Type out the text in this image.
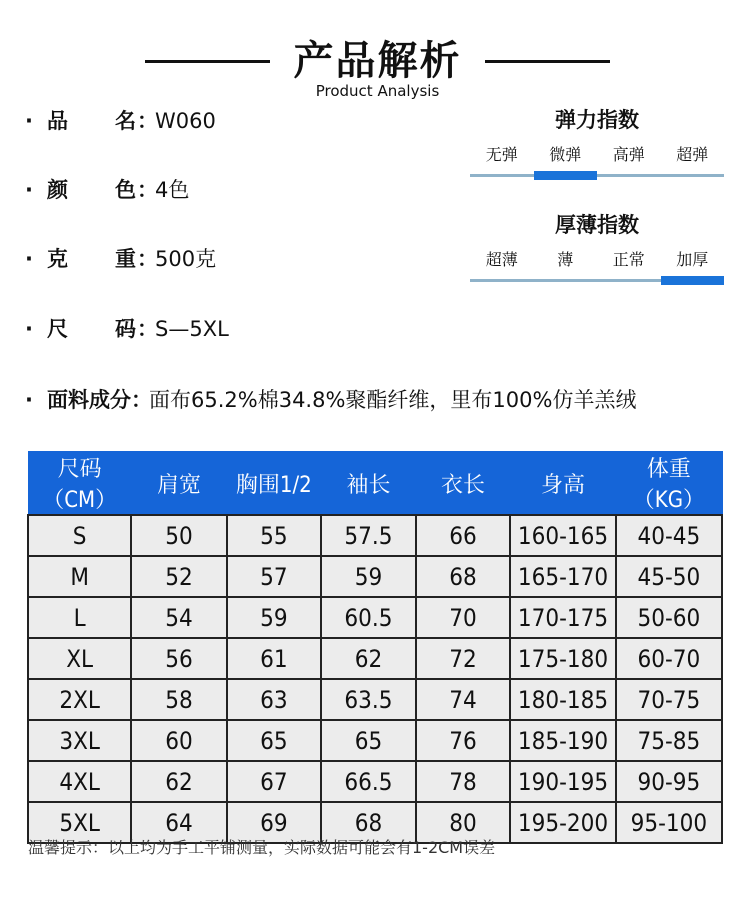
产品解析
Product Analysis
· 品 名：W060
· 颜 色：4色
· 克 重：500克
· 尺 码：S—5XL
· 面料成分：面布65.2%棉34.8%聚酯纤维，里布100%仿羊羔绒
弹力指数
无弹	微弹	高弹	超弹
厚薄指数
超薄	薄	正常	加厚
尺码（CM）	肩宽	胸围1/2	袖长	衣长	身高	体重（KG）
S	50	55	57.5	66	160-165	40-45
M	52	57	59	68	165-170	45-50
L	54	59	60.5	70	170-175	50-60
XL	56	61	62	72	175-180	60-70
2XL	58	63	63.5	74	180-185	70-75
3XL	60	65	65	76	185-190	75-85
4XL	62	67	66.5	78	190-195	90-95
5XL	64	69	68	80	195-200	95-100
温馨提示：以上均为手工平铺测量，实际数据可能会有1-2CM误差
